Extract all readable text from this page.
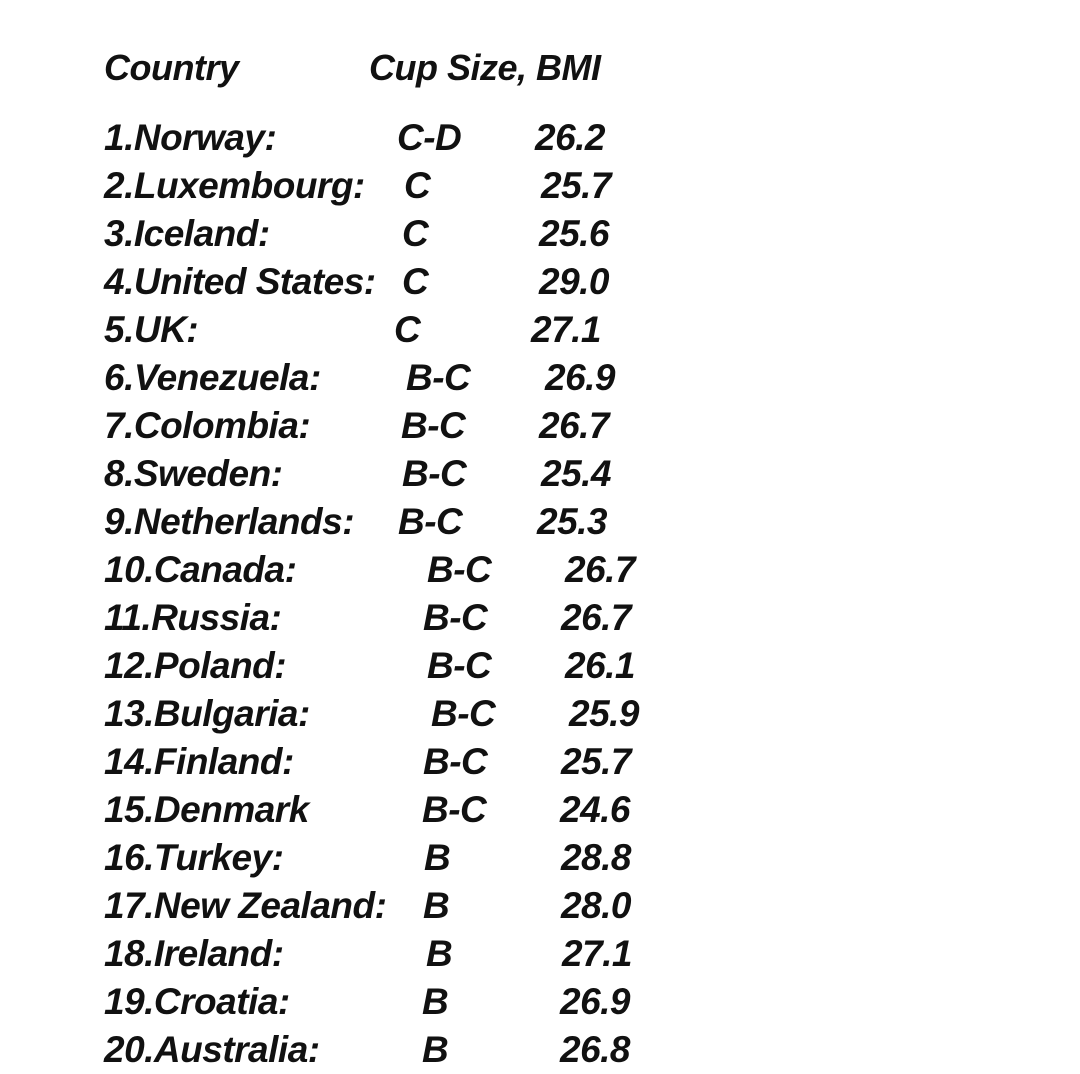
Country	Cup Size, BMI
1.Norway:	C-D 26.2
2.Luxembourg: C	25.7
3.Iceland:	C	25.6
4.United States: C	29.0
5.UK:	C	27.1
6.Venezuela: B-C 26.9
7.Colombia: B-C 26.7
8.Sweden:	B-C 25.4
9.Netherlands: B-C 25.3
10.Canada:	B-C 26.7
11.Russia:	B-C 26.7
12.Poland:	B-C 26.1
13.Bulgaria:	B-C 25.9
14.Finland:	B-C 25.7
15.Denmark	B-C 24.6
16.Turkey:	B	28.8
17.New Zealand: B	28.0
18.Ireland:	B	27.1
19.Croatia:	B	26.9
20.Australia:	B	26.8
